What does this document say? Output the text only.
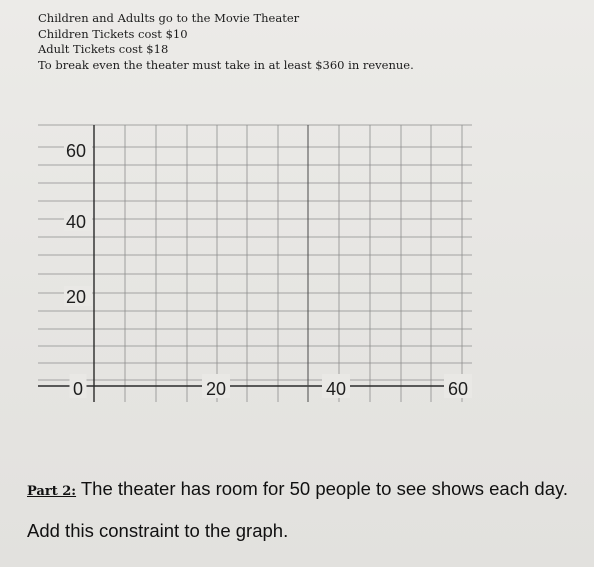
Children and Adults go to the Movie Theater
Children Tickets cost $10
Adult Tickets cost $18
To break even the theater must take in at least $360 in revenue.
60
40
20
0	20	40	60
Part 2: The theater has room for 50 people to see shows each day.
Add this constraint to the graph.
